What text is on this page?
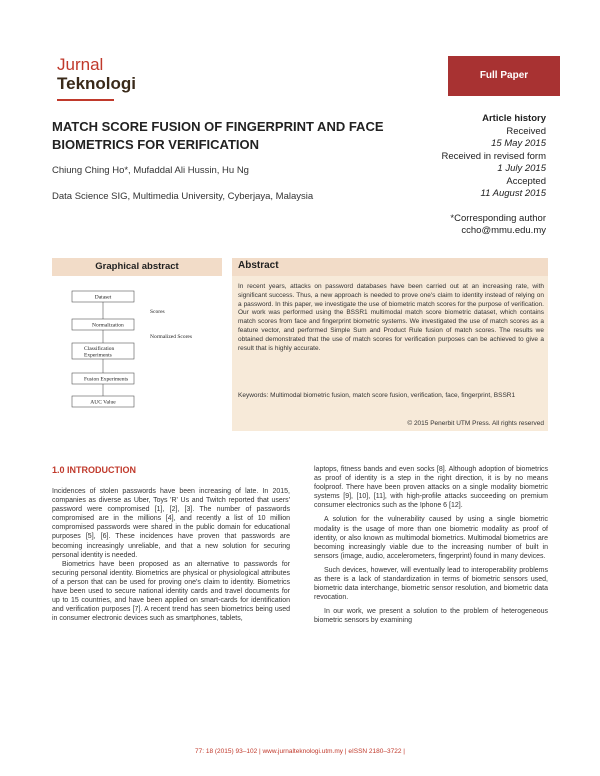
Jurnal
Teknologi	Full Paper
MATCH SCORE FUSION OF FINGERPRINT AND FACE BIOMETRICS FOR VERIFICATION
Chiung Ching Ho*, Mufaddal Ali Hussin, Hu Ng
Data Science SIG, Multimedia University, Cyberjaya, Malaysia
Article history
Received
15 May 2015
Received in revised form
1 July 2015
Accepted
11 August 2015
*Corresponding author
ccho@mmu.edu.my
Graphical abstract
Dataset
Scores
Normalization
Normalized Scores
Classification
Experiments
Fusion Experiments
AUC Value
Abstract
In recent years, attacks on password databases have been carried out at an increasing rate, with significant success. Thus, a new approach is needed to prove one's claim to identity instead of relying on a password. In this paper, we investigate the use of biometric match scores for the purpose of verification. Our work was performed using the BSSR1 multimodal match score biometric dataset, which contains match scores from face and fingerprint biometric systems. We investigated the use of match scores as a feature vector, and performed Simple Sum and Product Rule fusion of match scores. The results we obtained demonstrated that the use of match scores for verification purposes can be achieved to give a result that is highly accurate.
Keywords: Multimodal biometric fusion, match score fusion, verification, face, fingerprint, BSSR1
© 2015 Penerbit UTM Press. All rights reserved
1.0 INTRODUCTION

Incidences of stolen passwords have been increasing of late. In 2015, companies as diverse as Uber, Toys 'R' Us and Twitch reported that users' password were compromised [1], [2], [3]. The number of passwords compromised are in the millions [4], and recently a list of 10 million compromised passwords were shared in the public domain for educational purposes [5], [6]. These incidences have proven that passwords are becoming increasingly unreliable, and that a new solution for securing personal identity is needed.

Biometrics have been proposed as an alternative to passwords for securing personal identity. Biometrics are physical or physiological attributes of a person that can be used for proving one's claim to identity. Biometrics have been used to secure national identity cards and travel documents for up to 15 countries, and have been applied on smart-cards for identification and verification purposes [7]. A recent trend has seen biometrics being used in consumer electronic devices such as smartphones, tablets,

laptops, fitness bands and even socks [8]. Although adoption of biometrics as proof of identity is a step in the right direction, it is by no means foolproof. There have been proven attacks on a single modality biometric systems [9], [10], [11], with high-profile attacks succeeding on premium consumer electronics such as the Iphone 6 [12].

A solution for the vulnerability caused by using a single biometric modality is the usage of more than one biometric modality as proof of identity, or also known as multimodal biometrics. Multimodal biometrics are becoming increasingly viable due to the increasing number of built in sensors (image, audio, accelerometers, fingerprint) found in many devices.

Such devices, however, will eventually lead to interoperability problems as there is a lack of standardization in terms of biometric sensors used, biometric data interchange, biometric sensor resolution, and biometric data revocation.

In our work, we present a solution to the problem of heterogeneous biometric sensors by examining

77: 18 (2015) 93–102 | www.jurnalteknologi.utm.my | eISSN 2180–3722 |
